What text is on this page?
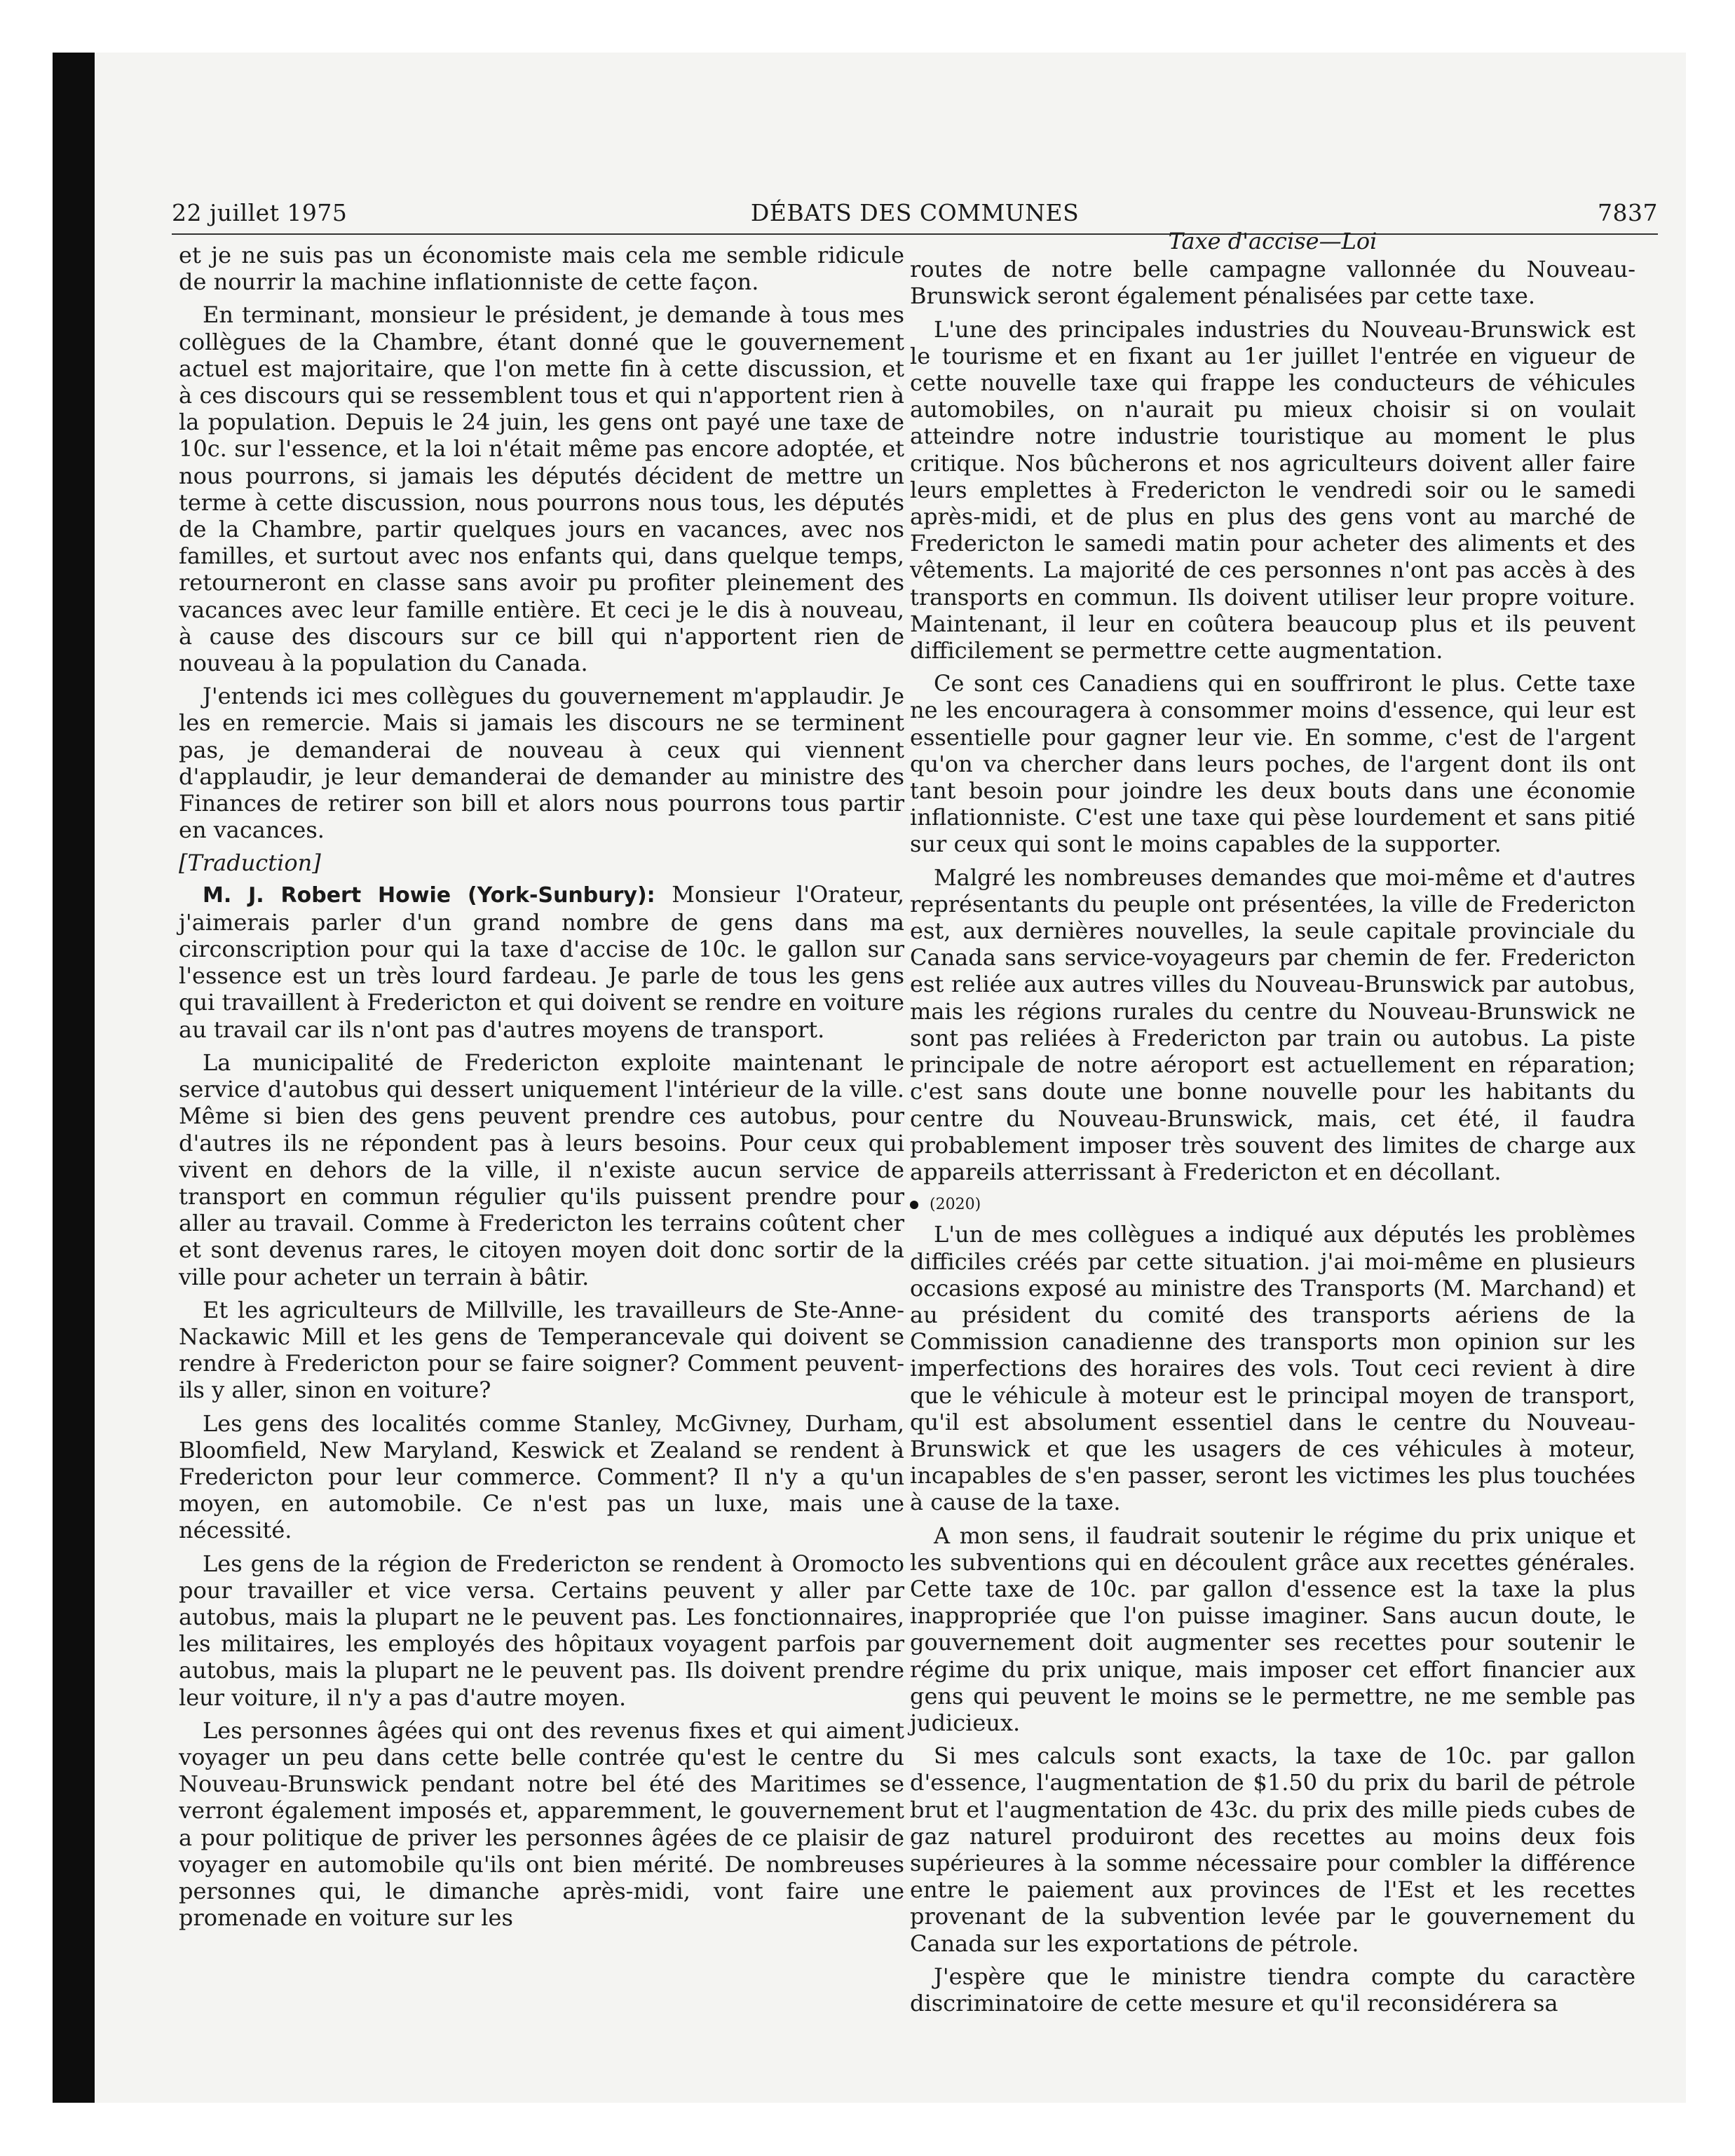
22 juillet 1975	DÉBATS DES COMMUNES	7837

et je ne suis pas un économiste mais cela me semble ridicule de nourrir la machine inflationniste de cette façon.

En terminant, monsieur le président, je demande à tous mes collègues de la Chambre, étant donné que le gouvernement actuel est majoritaire, que l'on mette fin à cette discussion, et à ces discours qui se ressemblent tous et qui n'apportent rien à la population. Depuis le 24 juin, les gens ont payé une taxe de 10c. sur l'essence, et la loi n'était même pas encore adoptée, et nous pourrons, si jamais les députés décident de mettre un terme à cette discussion, nous pourrons nous tous, les députés de la Chambre, partir quelques jours en vacances, avec nos familles, et surtout avec nos enfants qui, dans quelque temps, retourneront en classe sans avoir pu profiter pleinement des vacances avec leur famille entière. Et ceci je le dis à nouveau, à cause des discours sur ce bill qui n'apportent rien de nouveau à la population du Canada.

J'entends ici mes collègues du gouvernement m'applaudir. Je les en remercie. Mais si jamais les discours ne se terminent pas, je demanderai de nouveau à ceux qui viennent d'applaudir, je leur demanderai de demander au ministre des Finances de retirer son bill et alors nous pourrons tous partir en vacances.

[Traduction]

M. J. Robert Howie (York-Sunbury): Monsieur l'Orateur, j'aimerais parler d'un grand nombre de gens dans ma circonscription pour qui la taxe d'accise de 10c. le gallon sur l'essence est un très lourd fardeau. Je parle de tous les gens qui travaillent à Fredericton et qui doivent se rendre en voiture au travail car ils n'ont pas d'autres moyens de transport.

La municipalité de Fredericton exploite maintenant le service d'autobus qui dessert uniquement l'intérieur de la ville. Même si bien des gens peuvent prendre ces autobus, pour d'autres ils ne répondent pas à leurs besoins. Pour ceux qui vivent en dehors de la ville, il n'existe aucun service de transport en commun régulier qu'ils puissent prendre pour aller au travail. Comme à Fredericton les terrains coûtent cher et sont devenus rares, le citoyen moyen doit donc sortir de la ville pour acheter un terrain à bâtir.

Et les agriculteurs de Millville, les travailleurs de Ste-Anne-Nackawic Mill et les gens de Temperancevale qui doivent se rendre à Fredericton pour se faire soigner? Comment peuvent-ils y aller, sinon en voiture?

Les gens des localités comme Stanley, McGivney, Durham, Bloomfield, New Maryland, Keswick et Zealand se rendent à Fredericton pour leur commerce. Comment? Il n'y a qu'un moyen, en automobile. Ce n'est pas un luxe, mais une nécessité.

Les gens de la région de Fredericton se rendent à Oromocto pour travailler et vice versa. Certains peuvent y aller par autobus, mais la plupart ne le peuvent pas. Les fonctionnaires, les militaires, les employés des hôpitaux voyagent parfois par autobus, mais la plupart ne le peuvent pas. Ils doivent prendre leur voiture, il n'y a pas d'autre moyen.

Les personnes âgées qui ont des revenus fixes et qui aiment voyager un peu dans cette belle contrée qu'est le centre du Nouveau-Brunswick pendant notre bel été des Maritimes se verront également imposés et, apparemment, le gouvernement a pour politique de priver les personnes âgées de ce plaisir de voyager en automobile qu'ils ont bien mérité. De nombreuses personnes qui, le dimanche après-midi, vont faire une promenade en voiture sur les

Taxe d'accise—Loi

routes de notre belle campagne vallonnée du Nouveau-Brunswick seront également pénalisées par cette taxe.

L'une des principales industries du Nouveau-Brunswick est le tourisme et en fixant au 1er juillet l'entrée en vigueur de cette nouvelle taxe qui frappe les conducteurs de véhicules automobiles, on n'aurait pu mieux choisir si on voulait atteindre notre industrie touristique au moment le plus critique. Nos bûcherons et nos agriculteurs doivent aller faire leurs emplettes à Fredericton le vendredi soir ou le samedi après-midi, et de plus en plus des gens vont au marché de Fredericton le samedi matin pour acheter des aliments et des vêtements. La majorité de ces personnes n'ont pas accès à des transports en commun. Ils doivent utiliser leur propre voiture. Maintenant, il leur en coûtera beaucoup plus et ils peuvent difficilement se permettre cette augmentation.

Ce sont ces Canadiens qui en souffriront le plus. Cette taxe ne les encouragera à consommer moins d'essence, qui leur est essentielle pour gagner leur vie. En somme, c'est de l'argent qu'on va chercher dans leurs poches, de l'argent dont ils ont tant besoin pour joindre les deux bouts dans une économie inflationniste. C'est une taxe qui pèse lourdement et sans pitié sur ceux qui sont le moins capables de la supporter.

Malgré les nombreuses demandes que moi-même et d'autres représentants du peuple ont présentées, la ville de Fredericton est, aux dernières nouvelles, la seule capitale provinciale du Canada sans service-voyageurs par chemin de fer. Fredericton est reliée aux autres villes du Nouveau-Brunswick par autobus, mais les régions rurales du centre du Nouveau-Brunswick ne sont pas reliées à Fredericton par train ou autobus. La piste principale de notre aéroport est actuellement en réparation; c'est sans doute une bonne nouvelle pour les habitants du centre du Nouveau-Brunswick, mais, cet été, il faudra probablement imposer très souvent des limites de charge aux appareils atterrissant à Fredericton et en décollant.

(2020)

L'un de mes collègues a indiqué aux députés les problèmes difficiles créés par cette situation. j'ai moi-même en plusieurs occasions exposé au ministre des Transports (M. Marchand) et au président du comité des transports aériens de la Commission canadienne des transports mon opinion sur les imperfections des horaires des vols. Tout ceci revient à dire que le véhicule à moteur est le principal moyen de transport, qu'il est absolument essentiel dans le centre du Nouveau-Brunswick et que les usagers de ces véhicules à moteur, incapables de s'en passer, seront les victimes les plus touchées à cause de la taxe.

A mon sens, il faudrait soutenir le régime du prix unique et les subventions qui en découlent grâce aux recettes générales. Cette taxe de 10c. par gallon d'essence est la taxe la plus inappropriée que l'on puisse imaginer. Sans aucun doute, le gouvernement doit augmenter ses recettes pour soutenir le régime du prix unique, mais imposer cet effort financier aux gens qui peuvent le moins se le permettre, ne me semble pas judicieux.

Si mes calculs sont exacts, la taxe de 10c. par gallon d'essence, l'augmentation de $1.50 du prix du baril de pétrole brut et l'augmentation de 43c. du prix des mille pieds cubes de gaz naturel produiront des recettes au moins deux fois supérieures à la somme nécessaire pour combler la différence entre le paiement aux provinces de l'Est et les recettes provenant de la subvention levée par le gouvernement du Canada sur les exportations de pétrole.

J'espère que le ministre tiendra compte du caractère discriminatoire de cette mesure et qu'il reconsidérera sa
